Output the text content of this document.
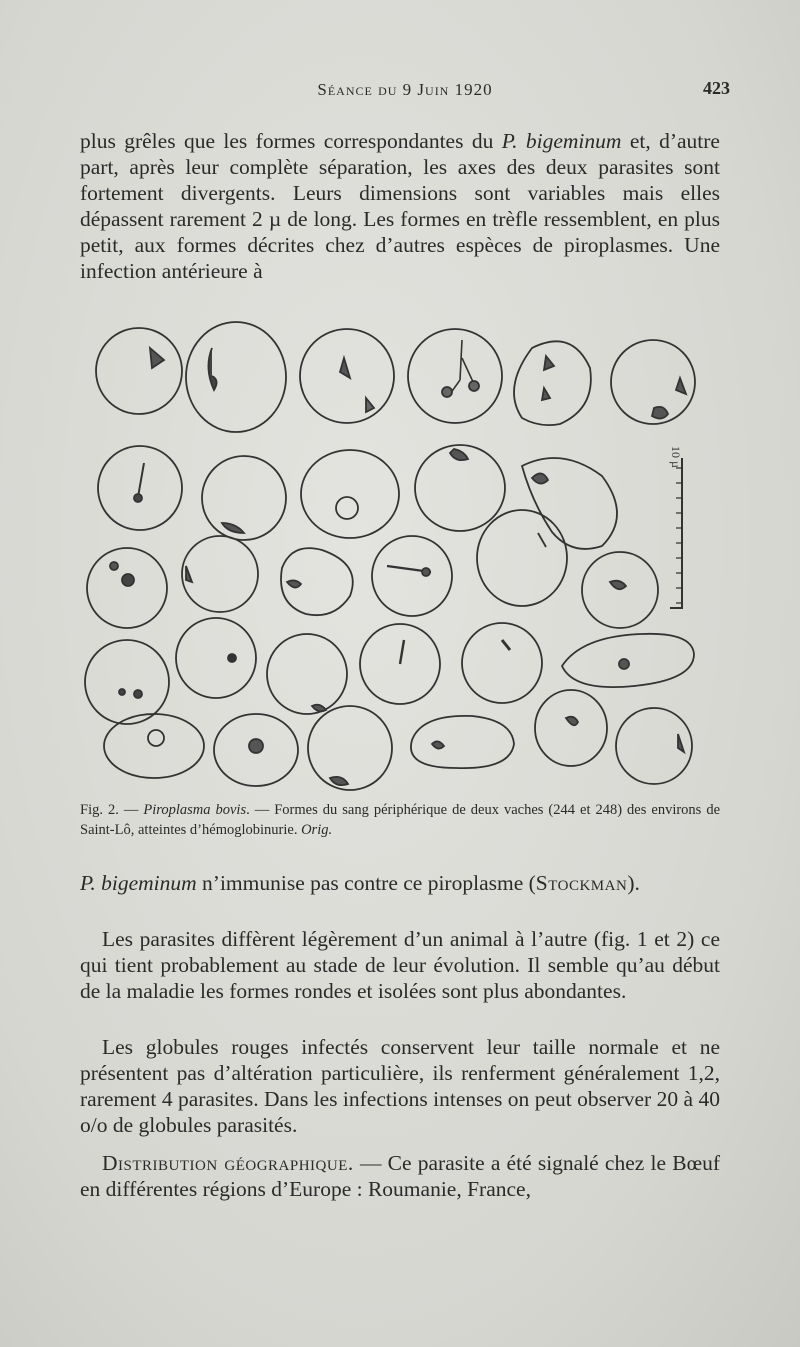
Séance du 9 Juin 1920	423

plus grêles que les formes correspondantes du P. bigeminum et, d’autre part, après leur complète séparation, les axes des deux parasites sont fortement divergents. Leurs dimensions sont variables mais elles dépassent rarement 2 µ de long. Les formes en trèfle ressemblent, en plus petit, aux formes décrites chez d’autres espèces de piroplasmes. Une infection antérieure à

10 µ
Fig. 2. — Piroplasma bovis. — Formes du sang périphérique de deux vaches (244 et 248) des environs de Saint-Lô, atteintes d’hémoglobinurie. Orig.

P. bigeminum n’immunise pas contre ce piroplasme (Stockman).

Les parasites diffèrent légèrement d’un animal à l’autre (fig. 1 et 2) ce qui tient probablement au stade de leur évolution. Il semble qu’au début de la maladie les formes rondes et isolées sont plus abondantes.

Les globules rouges infectés conservent leur taille normale et ne présentent pas d’altération particulière, ils renferment généralement 1,2, rarement 4 parasites. Dans les infections intenses on peut observer 20 à 40 o/o de globules parasités.

Distribution géographique. — Ce parasite a été signalé chez le Bœuf en différentes régions d’Europe : Roumanie, France,
